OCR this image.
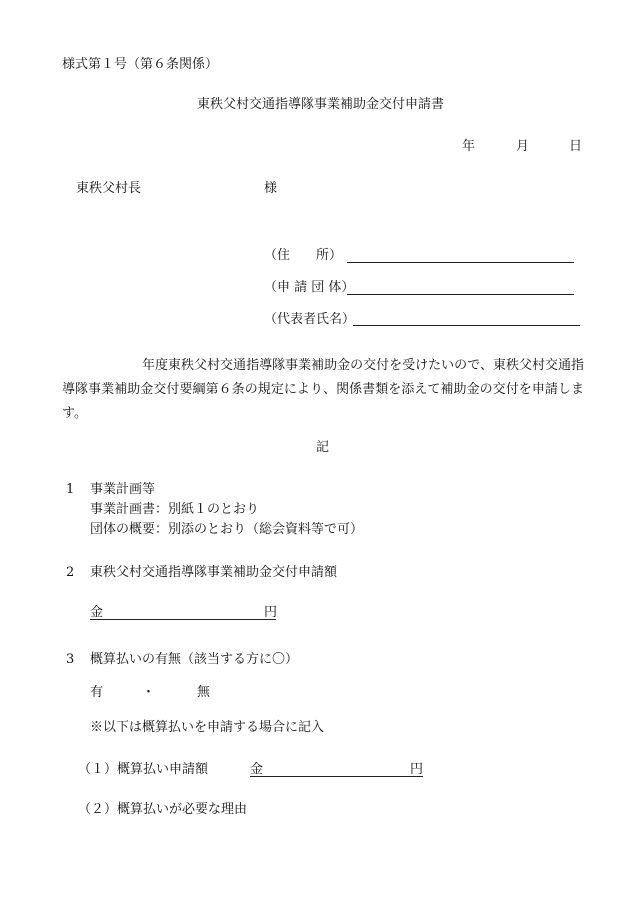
様式第１号（第６条関係）
東秩父村交通指導隊事業補助金交付申請書
年	月	日
東秩父村長	様
（住　　所）
（申 請 団 体）
（代表者氏名）
年度東秩父村交通指導隊事業補助金の交付を受けたいので、東秩父村交通指導隊事業補助金交付要綱第６条の規定により、関係書類を添えて補助金の交付を申請します。
記
1 事業計画等
事業計画書：別紙１のとおり
団体の概要：別添のとおり（総会資料等で可）
2 東秩父村交通指導隊事業補助金交付申請額
金	円
3 概算払いの有無（該当する方に〇）
有	・	無
※以下は概算払いを申請する場合に記入
（１）概算払い申請額	金	円
（２）概算払いが必要な理由
